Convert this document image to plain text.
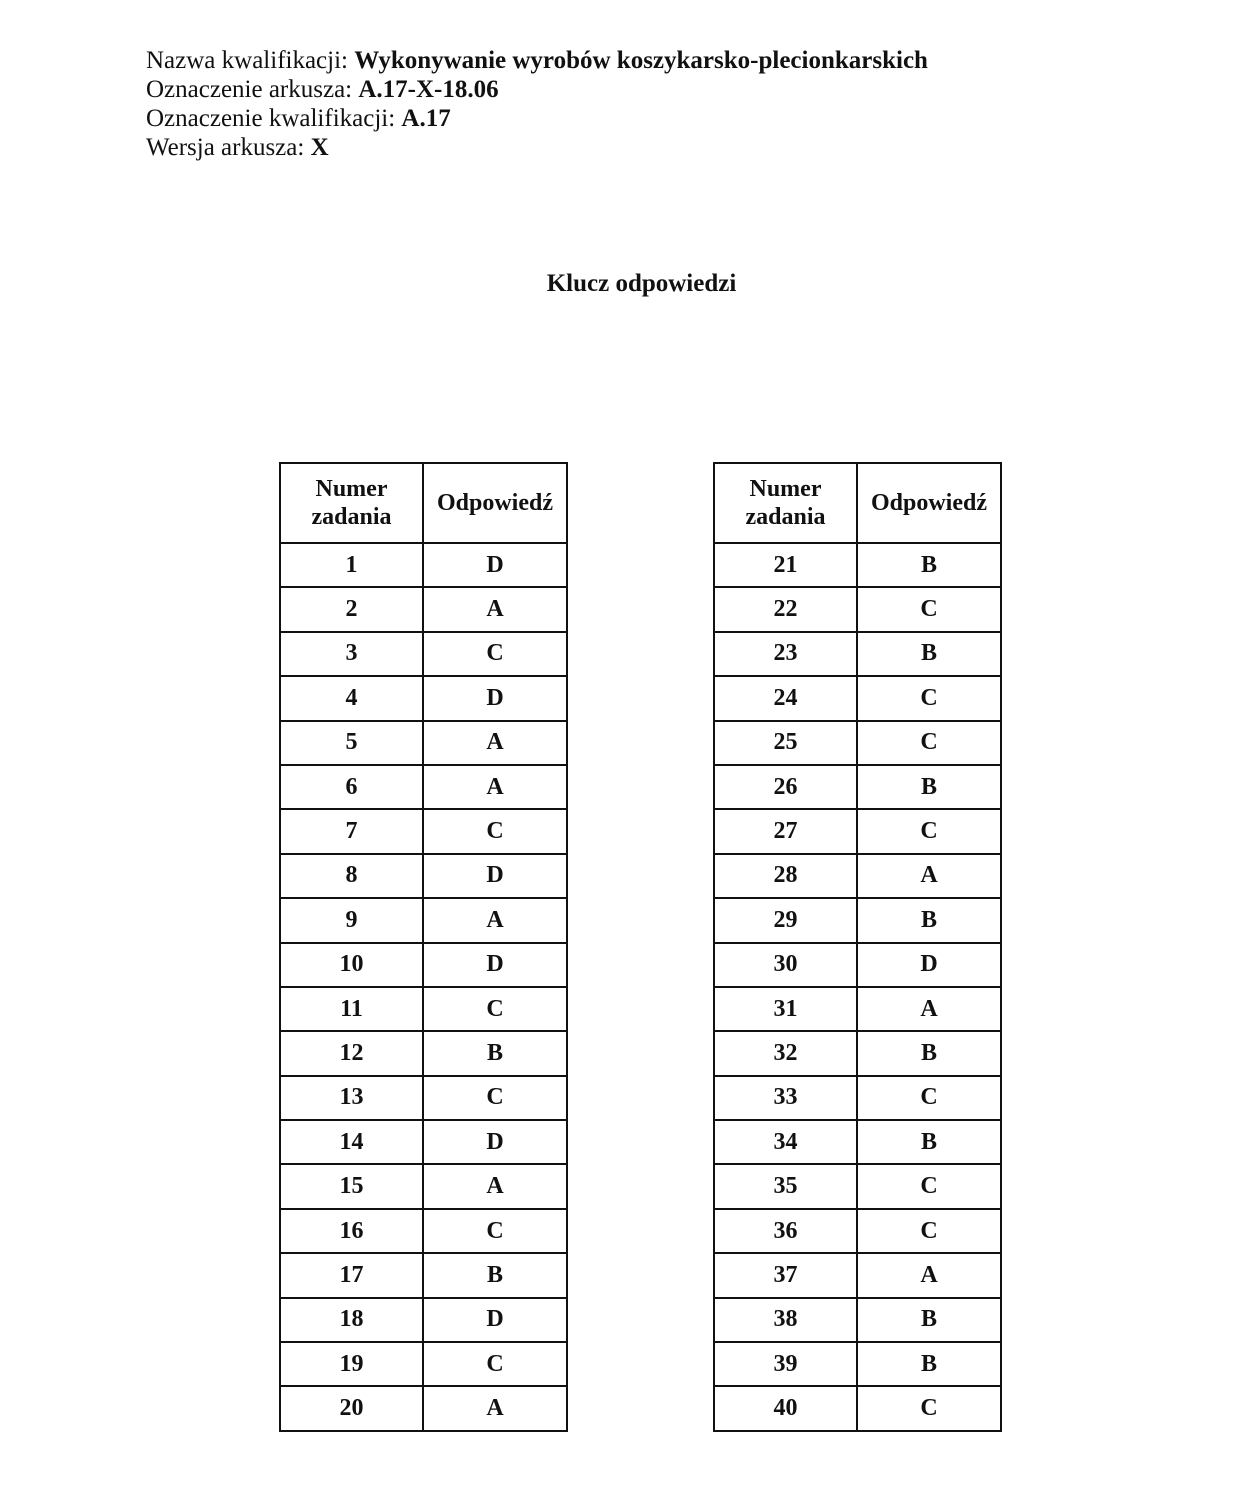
Nazwa kwalifikacji: Wykonywanie wyrobów koszykarsko-plecionkarskich
Oznaczenie arkusza: A.17-X-18.06
Oznaczenie kwalifikacji: A.17
Wersja arkusza: X
Klucz odpowiedzi
Numer
zadania	Odpowiedź
1	D
2	A
3	C
4	D
5	A
6	A
7	C
8	D
9	A
10	D
11	C
12	B
13	C
14	D
15	A
16	C
17	B
18	D
19	C
20	A
Numer
zadania	Odpowiedź
21	B
22	C
23	B
24	C
25	C
26	B
27	C
28	A
29	B
30	D
31	A
32	B
33	C
34	B
35	C
36	C
37	A
38	B
39	B
40	C
